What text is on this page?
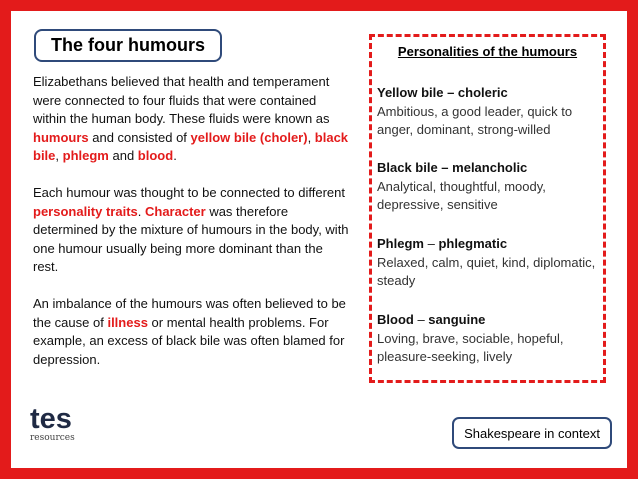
The four humours

Elizabethans believed that health and temperament were connected to four fluids that were contained within the human body. These fluids were known as humours and consisted of yellow bile (choler), black bile, phlegm and blood.

Each humour was thought to be connected to different personality traits. Character was therefore determined by the mixture of humours in the body, with one humour usually being more dominant than the rest.

An imbalance of the humours was often believed to be the cause of illness or mental health problems. For example, an excess of black bile was often blamed for depression.

Personalities of the humours
Yellow bile – choleric
Ambitious, a good leader, quick to anger, dominant, strong-willed
Black bile – melancholic
Analytical, thoughtful, moody, depressive, sensitive
Phlegm – phlegmatic
Relaxed, calm, quiet, kind, diplomatic, steady
Blood – sanguine
Loving, brave, sociable, hopeful, pleasure-seeking, lively
tes
resources	Shakespeare in context
